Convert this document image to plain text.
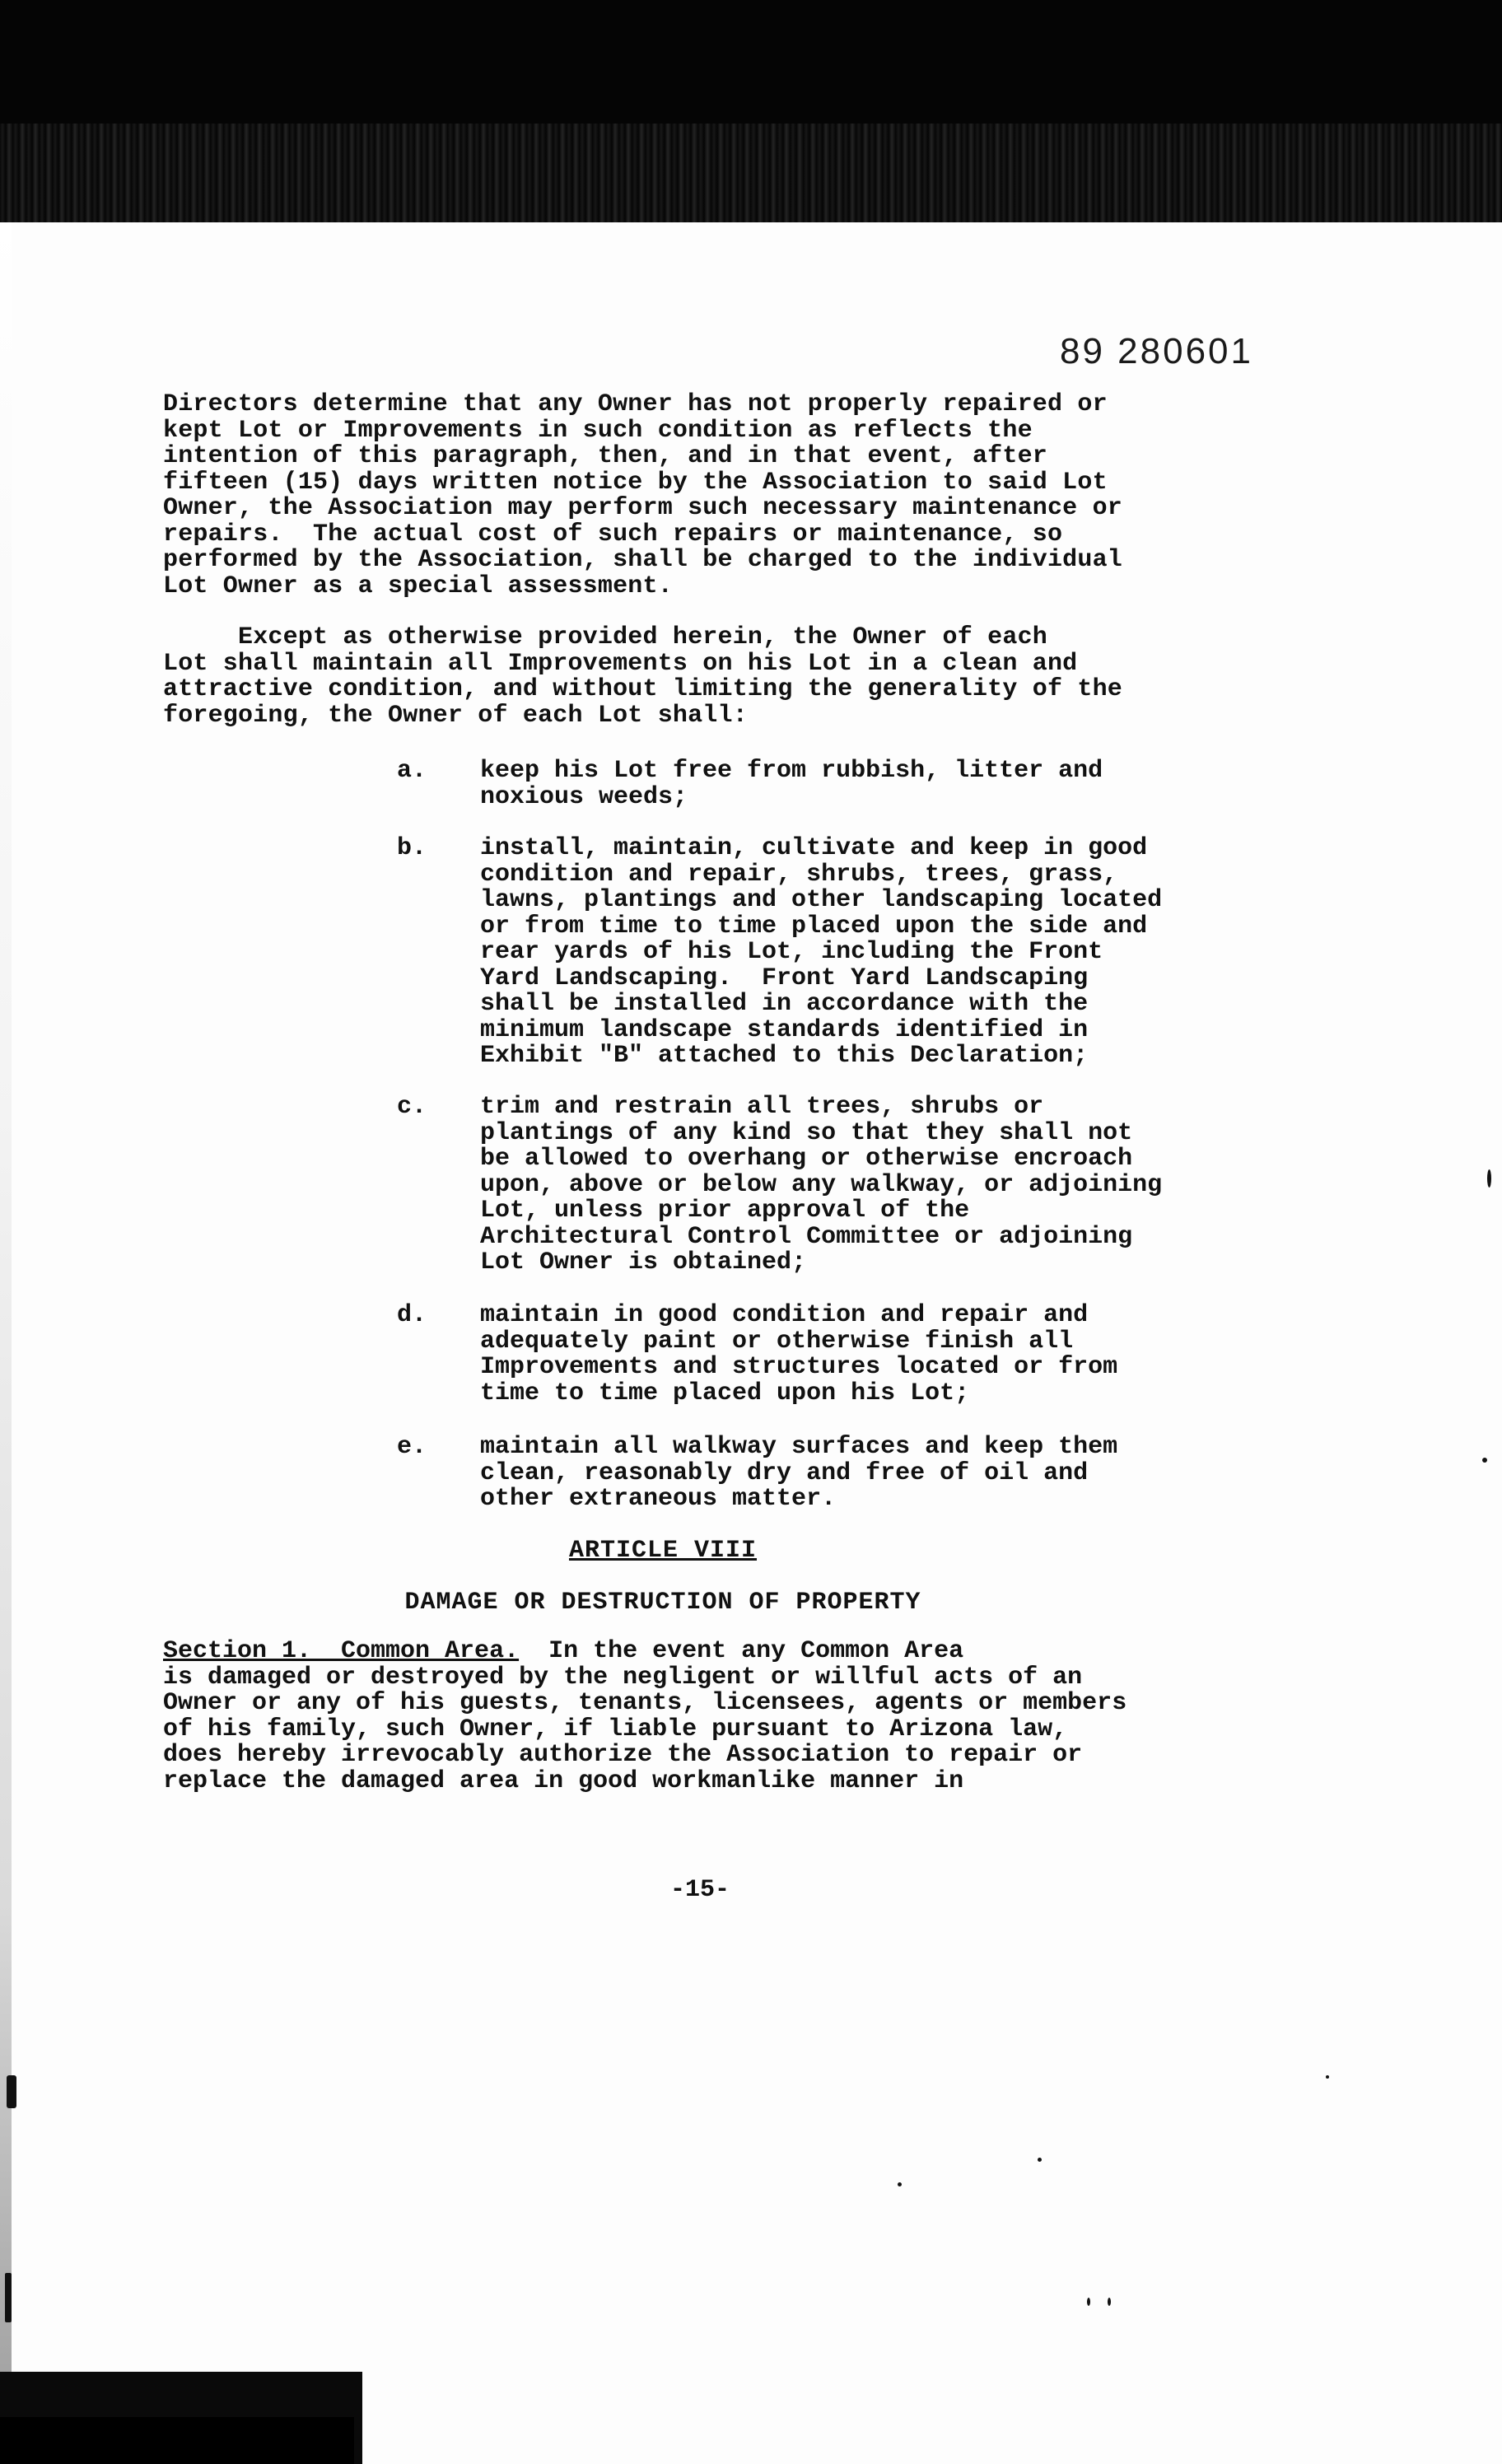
89 280601
Directors determine that any Owner has not properly repaired or
kept Lot or Improvements in such condition as reflects the
intention of this paragraph, then, and in that event, after
fifteen (15) days written notice by the Association to said Lot
Owner, the Association may perform such necessary maintenance or
repairs.  The actual cost of such repairs or maintenance, so
performed by the Association, shall be charged to the individual
Lot Owner as a special assessment.
Except as otherwise provided herein, the Owner of each
Lot shall maintain all Improvements on his Lot in a clean and
attractive condition, and without limiting the generality of the
foregoing, the Owner of each Lot shall:
a. keep his Lot free from rubbish, litter and
noxious weeds;
b. install, maintain, cultivate and keep in good
condition and repair, shrubs, trees, grass,
lawns, plantings and other landscaping located
or from time to time placed upon the side and
rear yards of his Lot, including the Front
Yard Landscaping.  Front Yard Landscaping
shall be installed in accordance with the
minimum landscape standards identified in
Exhibit "B" attached to this Declaration;
c. trim and restrain all trees, shrubs or
plantings of any kind so that they shall not
be allowed to overhang or otherwise encroach
upon, above or below any walkway, or adjoining
Lot, unless prior approval of the
Architectural Control Committee or adjoining
Lot Owner is obtained;
d. maintain in good condition and repair and
adequately paint or otherwise finish all
Improvements and structures located or from
time to time placed upon his Lot;
e. maintain all walkway surfaces and keep them
clean, reasonably dry and free of oil and
other extraneous matter.
ARTICLE VIII
DAMAGE OR DESTRUCTION OF PROPERTY
Section 1.  Common Area.  In the event any Common Area
is damaged or destroyed by the negligent or willful acts of an
Owner or any of his guests, tenants, licensees, agents or members
of his family, such Owner, if liable pursuant to Arizona law,
does hereby irrevocably authorize the Association to repair or
replace the damaged area in good workmanlike manner in
-15-
